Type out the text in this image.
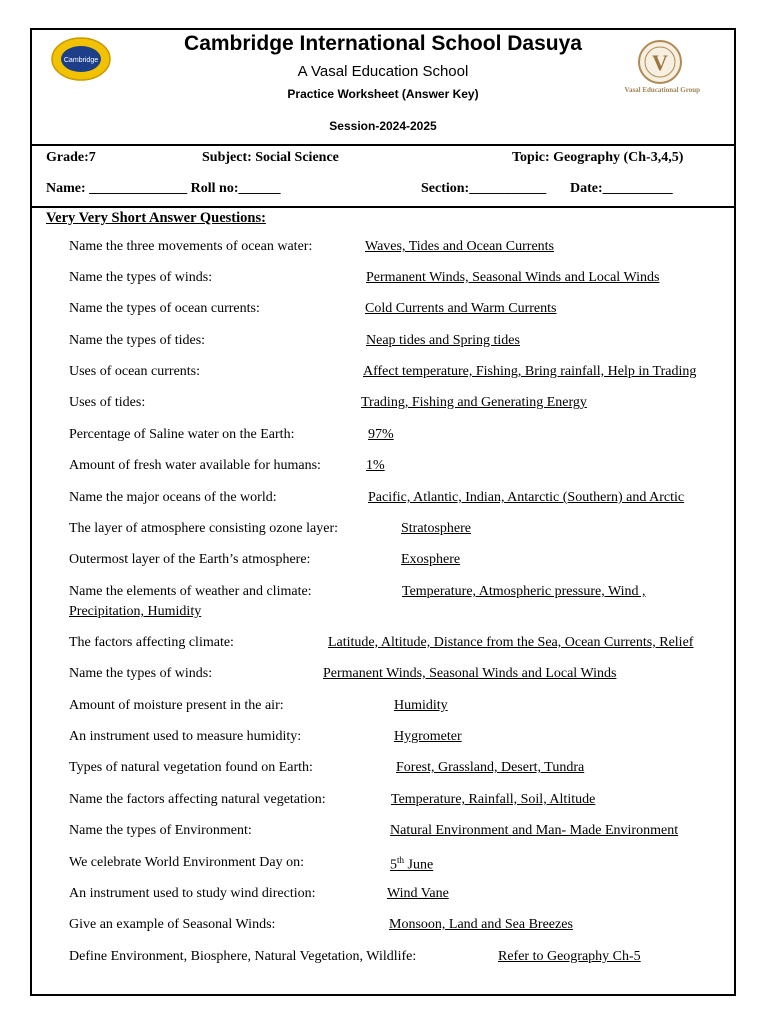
Cambridge
Cambridge International School Dasuya
A Vasal Education School
Practice Worksheet (Answer Key)
Session-2024-2025
V
Vasal Educational Group
Grade:7	Subject: Social Science	Topic: Geography (Ch-3,4,5)
Name: ______________ Roll no:______	Section:___________ Date:__________
Very Very Short Answer Questions:
Name the three movements of ocean water:	Waves, Tides and Ocean Currents
Name the types of winds:	Permanent Winds, Seasonal Winds and Local Winds
Name the types of ocean currents:	Cold Currents and Warm Currents
Name the types of tides:	Neap tides and Spring tides
Uses of ocean currents:	Affect temperature, Fishing, Bring rainfall, Help in Trading
Uses of tides:	Trading, Fishing and Generating Energy
Percentage of Saline water on the Earth:	97%
Amount of fresh water available for humans:	1%
Name the major oceans of the world:	Pacific, Atlantic, Indian, Antarctic (Southern) and Arctic
The layer of atmosphere consisting ozone layer:	Stratosphere
Outermost layer of the Earth’s atmosphere:	Exosphere
Name the elements of weather and climate:	Temperature, Atmospheric pressure, Wind ,
Precipitation, Humidity
The factors affecting climate:	Latitude, Altitude, Distance from the Sea, Ocean Currents, Relief
Name the types of winds:	Permanent Winds, Seasonal Winds and Local Winds
Amount of moisture present in the air:	Humidity
An instrument used to measure humidity:	Hygrometer
Types of natural vegetation found on Earth:	Forest, Grassland, Desert, Tundra
Name the factors affecting natural vegetation:	Temperature, Rainfall, Soil, Altitude
Name the types of Environment:	Natural Environment and Man- Made Environment
We celebrate World Environment Day on:	5th June
An instrument used to study wind direction:	Wind Vane
Give an example of Seasonal Winds:	Monsoon, Land and Sea Breezes
Define Environment, Biosphere, Natural Vegetation, Wildlife:	Refer to Geography Ch-5
